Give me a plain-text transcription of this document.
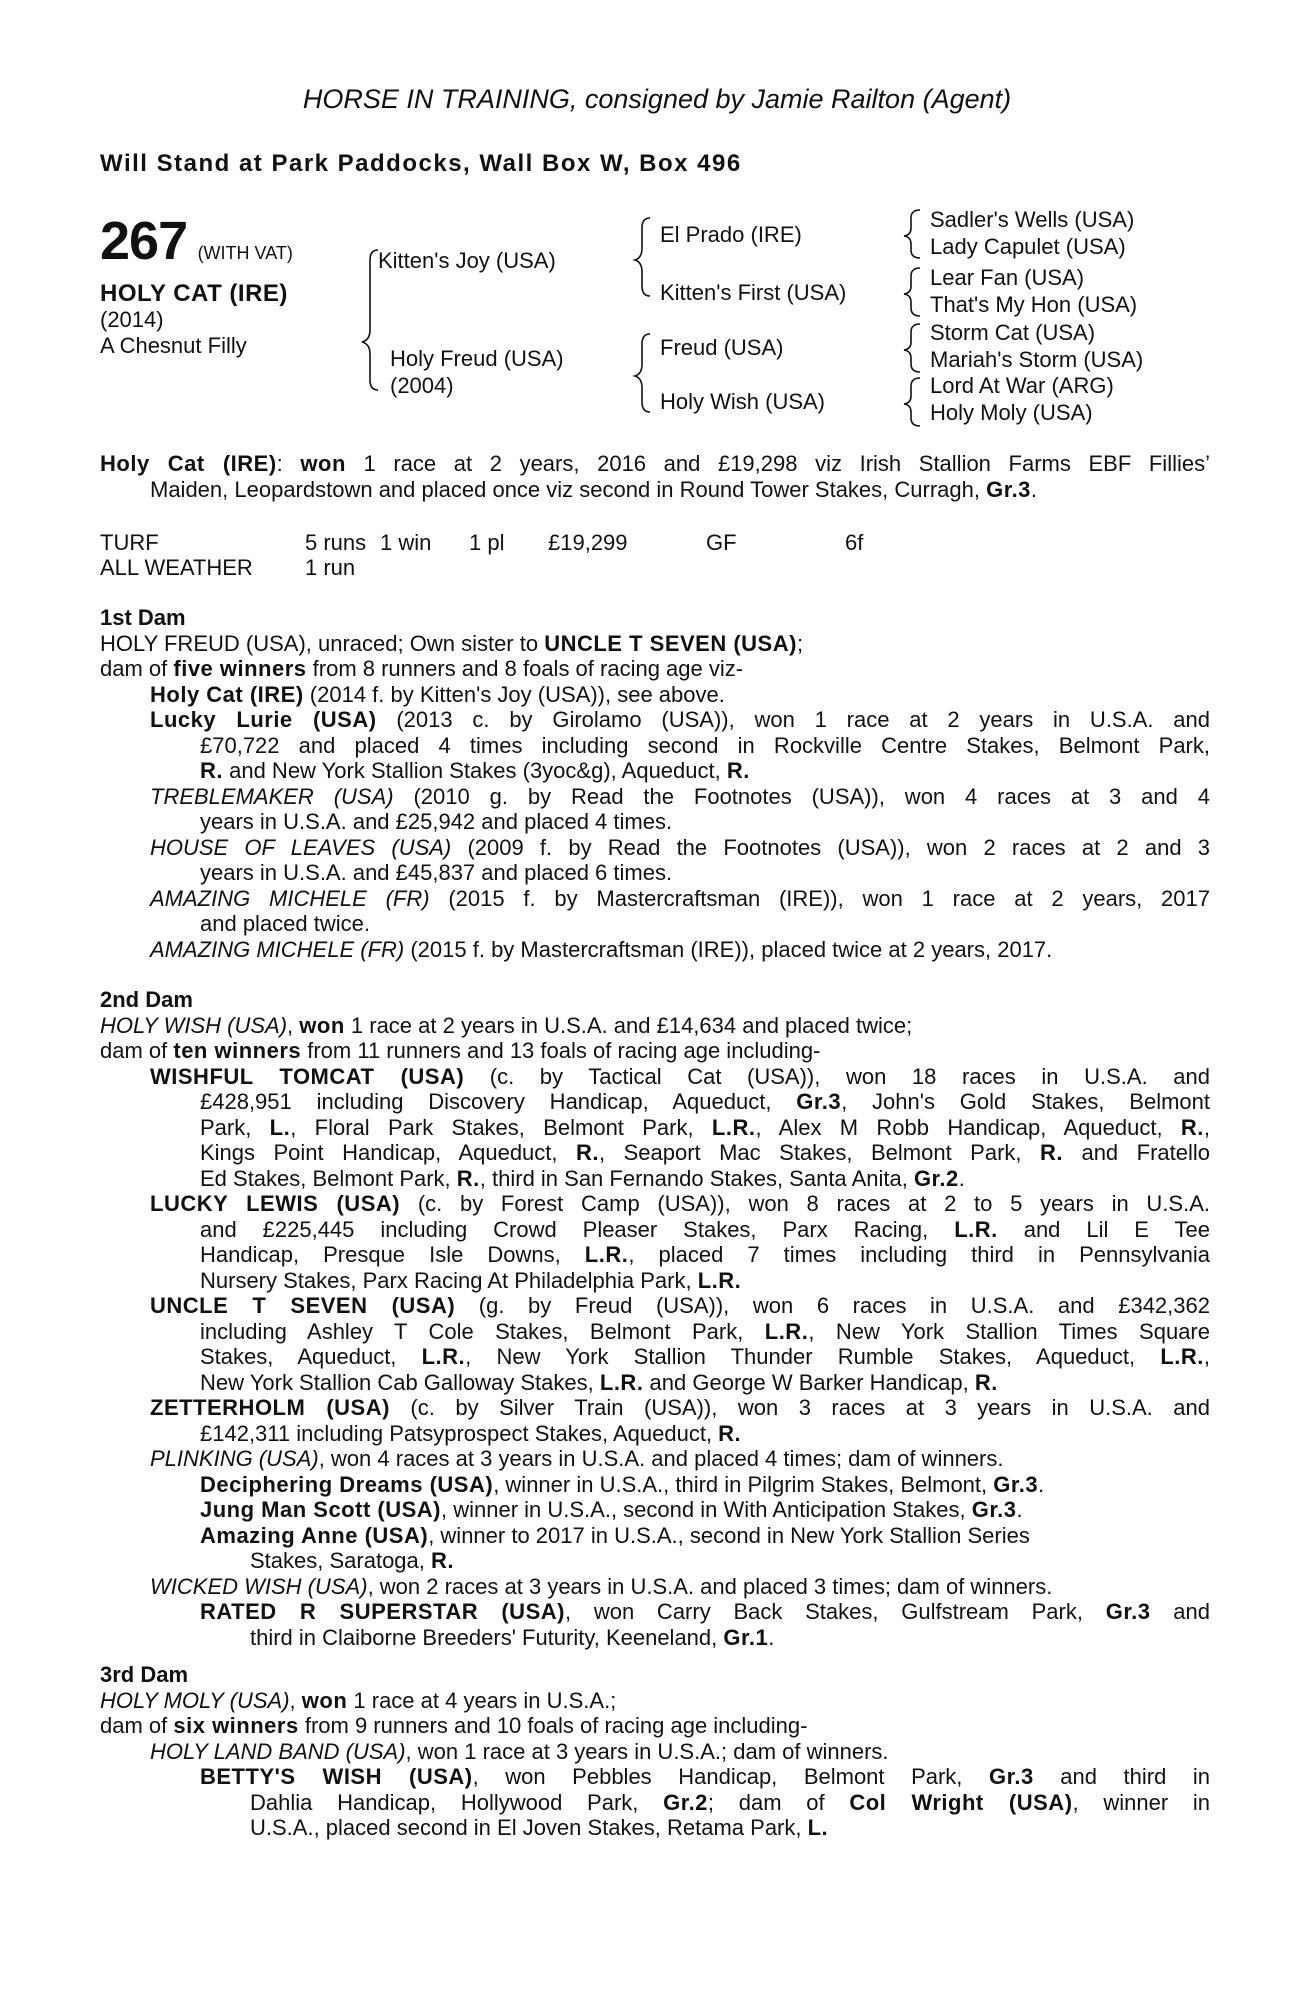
HORSE IN TRAINING, consigned by Jamie Railton (Agent)
Will Stand at Park Paddocks, Wall Box W, Box 496
267 (WITH VAT)
HOLY CAT (IRE)
(2014)
A Chesnut Filly
Kitten's Joy (USA)
Holy Freud (USA)
(2004)
El Prado (IRE)
Kitten's First (USA)
Freud (USA)
Holy Wish (USA)
Sadler's Wells (USA)
Lady Capulet (USA)
Lear Fan (USA)
That's My Hon (USA)
Storm Cat (USA)
Mariah's Storm (USA)
Lord At War (ARG)
Holy Moly (USA)
Holy Cat (IRE): won 1 race at 2 years, 2016 and £19,298 viz Irish Stallion Farms EBF Fillies’
Maiden, Leopardstown and placed once viz second in Round Tower Stakes, Curragh, Gr.3.
TURF	5 runs 1 win 1 pl £19,299	GF	6f
ALL WEATHER 1 run
1st Dam
HOLY FREUD (USA), unraced; Own sister to UNCLE T SEVEN (USA);
dam of five winners from 8 runners and 8 foals of racing age viz-
Holy Cat (IRE) (2014 f. by Kitten's Joy (USA)), see above.
Lucky Lurie (USA) (2013 c. by Girolamo (USA)), won 1 race at 2 years in U.S.A. and
£70,722 and placed 4 times including second in Rockville Centre Stakes, Belmont Park,
R. and New York Stallion Stakes (3yoc&g), Aqueduct, R.
TREBLEMAKER (USA) (2010 g. by Read the Footnotes (USA)), won 4 races at 3 and 4
years in U.S.A. and £25,942 and placed 4 times.
HOUSE OF LEAVES (USA) (2009 f. by Read the Footnotes (USA)), won 2 races at 2 and 3
years in U.S.A. and £45,837 and placed 6 times.
AMAZING MICHELE (FR) (2015 f. by Mastercraftsman (IRE)), won 1 race at 2 years, 2017
and placed twice.
AMAZING MICHELE (FR) (2015 f. by Mastercraftsman (IRE)), placed twice at 2 years, 2017.
2nd Dam
HOLY WISH (USA), won 1 race at 2 years in U.S.A. and £14,634 and placed twice;
dam of ten winners from 11 runners and 13 foals of racing age including-
WISHFUL TOMCAT (USA) (c. by Tactical Cat (USA)), won 18 races in U.S.A. and
£428,951 including Discovery Handicap, Aqueduct, Gr.3, John's Gold Stakes, Belmont
Park, L., Floral Park Stakes, Belmont Park, L.R., Alex M Robb Handicap, Aqueduct, R.,
Kings Point Handicap, Aqueduct, R., Seaport Mac Stakes, Belmont Park, R. and Fratello
Ed Stakes, Belmont Park, R., third in San Fernando Stakes, Santa Anita, Gr.2.
LUCKY LEWIS (USA) (c. by Forest Camp (USA)), won 8 races at 2 to 5 years in U.S.A.
and £225,445 including Crowd Pleaser Stakes, Parx Racing, L.R. and Lil E Tee
Handicap, Presque Isle Downs, L.R., placed 7 times including third in Pennsylvania
Nursery Stakes, Parx Racing At Philadelphia Park, L.R.
UNCLE T SEVEN (USA) (g. by Freud (USA)), won 6 races in U.S.A. and £342,362
including Ashley T Cole Stakes, Belmont Park, L.R., New York Stallion Times Square
Stakes, Aqueduct, L.R., New York Stallion Thunder Rumble Stakes, Aqueduct, L.R.,
New York Stallion Cab Galloway Stakes, L.R. and George W Barker Handicap, R.
ZETTERHOLM (USA) (c. by Silver Train (USA)), won 3 races at 3 years in U.S.A. and
£142,311 including Patsyprospect Stakes, Aqueduct, R.
PLINKING (USA), won 4 races at 3 years in U.S.A. and placed 4 times; dam of winners.
Deciphering Dreams (USA), winner in U.S.A., third in Pilgrim Stakes, Belmont, Gr.3.
Jung Man Scott (USA), winner in U.S.A., second in With Anticipation Stakes, Gr.3.
Amazing Anne (USA), winner to 2017 in U.S.A., second in New York Stallion Series
Stakes, Saratoga, R.
WICKED WISH (USA), won 2 races at 3 years in U.S.A. and placed 3 times; dam of winners.
RATED R SUPERSTAR (USA), won Carry Back Stakes, Gulfstream Park, Gr.3 and
third in Claiborne Breeders' Futurity, Keeneland, Gr.1.
3rd Dam
HOLY MOLY (USA), won 1 race at 4 years in U.S.A.;
dam of six winners from 9 runners and 10 foals of racing age including-
HOLY LAND BAND (USA), won 1 race at 3 years in U.S.A.; dam of winners.
BETTY'S WISH (USA), won Pebbles Handicap, Belmont Park, Gr.3 and third in
Dahlia Handicap, Hollywood Park, Gr.2; dam of Col Wright (USA), winner in
U.S.A., placed second in El Joven Stakes, Retama Park, L.
